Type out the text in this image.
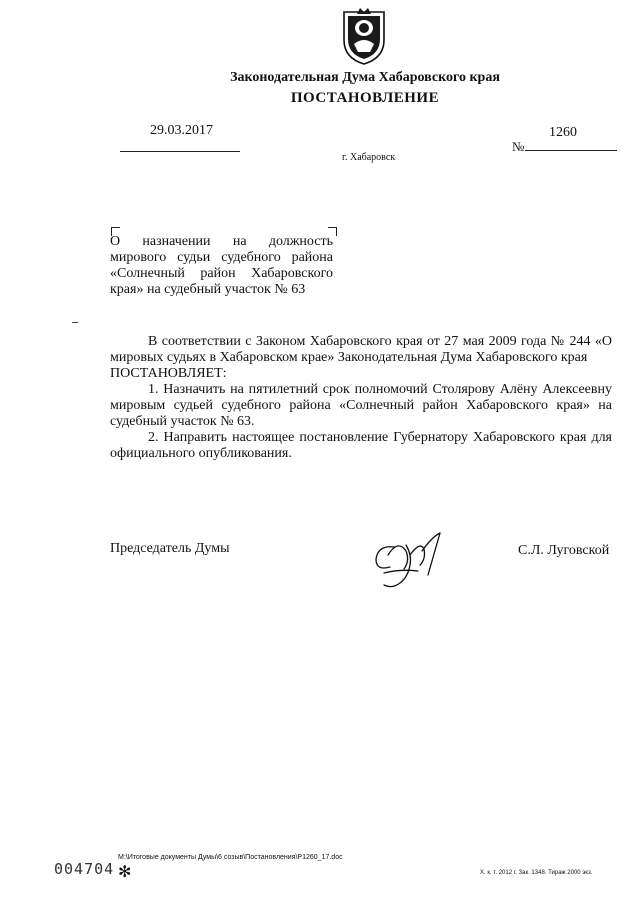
Законодательная Дума Хабаровского края
ПОСТАНОВЛЕНИЕ
29.03.2017
№
1260
г. Хабаровск
О назначении на должность мирового судьи судебного района «Солнечный район Хабаровского края» на судебный участок № 63

В соответствии с Законом Хабаровского края от 27 мая 2009 года № 244 «О мировых судьях в Хабаровском крае» Законодательная Дума Хабаровского края

ПОСТАНОВЛЯЕТ:

1. Назначить на пятилетний срок полномочий Столярову Алёну Алексеевну мировым судьей судебного района «Солнечный район Хабаровского края» на судебный участок № 63.

2. Направить настоящее постановление Губернатору Хабаровского края для официального опубликования.

Председатель Думы	С.Л. Луговской
004704
M:\Итоговые документы Думы\6 созыв\Постановления\Р1260_17.doc
✻	Х. к. т. 2012 г. Зак. 1348. Тираж 2000 экз.
